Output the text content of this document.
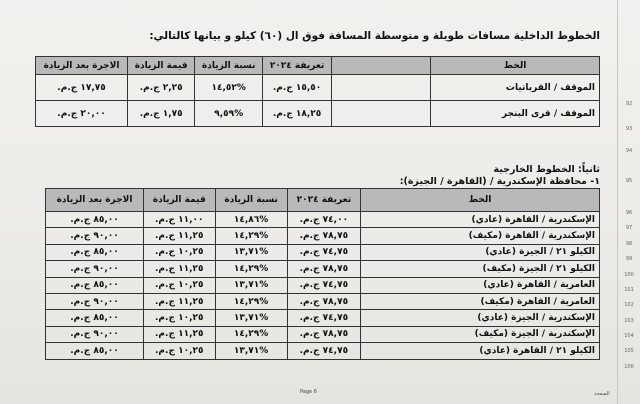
92
93
94
95
96
97
98
99
100
101
102
103
104
105
106
الخطوط الداخلية مسافات طويلة و متوسطة المسافة فوق ال (٦٠) كيلو و بيانها كالتالي:
الخط		تعريفة ٢٠٢٤	نسبة الزيادة	قيمة الزيادة	الاجرة بعد الزيادة
الموقف / القرباتيات		١٥,٥٠ ج.م.	%١٤,٥٢	٢,٢٥ ج.م.	١٧,٧٥ ج.م.
الموقف / قرى البنجر		١٨,٢٥ ج.م.	%٩,٥٩	١,٧٥ ج.م.	٢٠,٠٠ ج.م.
ثانياً: الخطوط الخارجية
١- محافظة الإسكندرية / (القاهرة / الجيزة):
الخط	تعريفة ٢٠٢٤	نسبة الزيادة	قيمة الزيادة	الاجرة بعد الزيادة
الإسكندرية / القاهرة (عادي)	٧٤,٠٠ ج.م.	%١٤,٨٦	١١,٠٠ ج.م.	٨٥,٠٠ ج.م.
الإسكندرية / القاهرة (مكيف)	٧٨,٧٥ ج.م.	%١٤,٢٩	١١,٢٥ ج.م.	٩٠,٠٠ ج.م.
الكيلو ٢١ / الجيزة (عادي)	٧٤,٧٥ ج.م.	%١٣,٧١	١٠,٢٥ ج.م.	٨٥,٠٠ ج.م.
الكيلو ٢١ / الجيزة (مكيف)	٧٨,٧٥ ج.م.	%١٤,٢٩	١١,٢٥ ج.م.	٩٠,٠٠ ج.م.
العامرية / القاهرة (عادي)	٧٤,٧٥ ج.م.	%١٣,٧١	١٠,٢٥ ج.م.	٨٥,٠٠ ج.م.
العامرية / القاهرة (مكيف)	٧٨,٧٥ ج.م.	%١٤,٢٩	١١,٢٥ ج.م.	٩٠,٠٠ ج.م.
الإسكندرية / الجيزة (عادي)	٧٤,٧٥ ج.م.	%١٣,٧١	١٠,٢٥ ج.م.	٨٥,٠٠ ج.م.
الإسكندرية / الجيزة (مكيف)	٧٨,٧٥ ج.م.	%١٤,٢٩	١١,٢٥ ج.م.	٩٠,٠٠ ج.م.
الكيلو ٢١ / القاهرة (عادي)	٧٤,٧٥ ج.م.	%١٣,٧١	١٠,٢٥ ج.م.	٨٥,٠٠ ج.م.
Page 6	الصفحة
